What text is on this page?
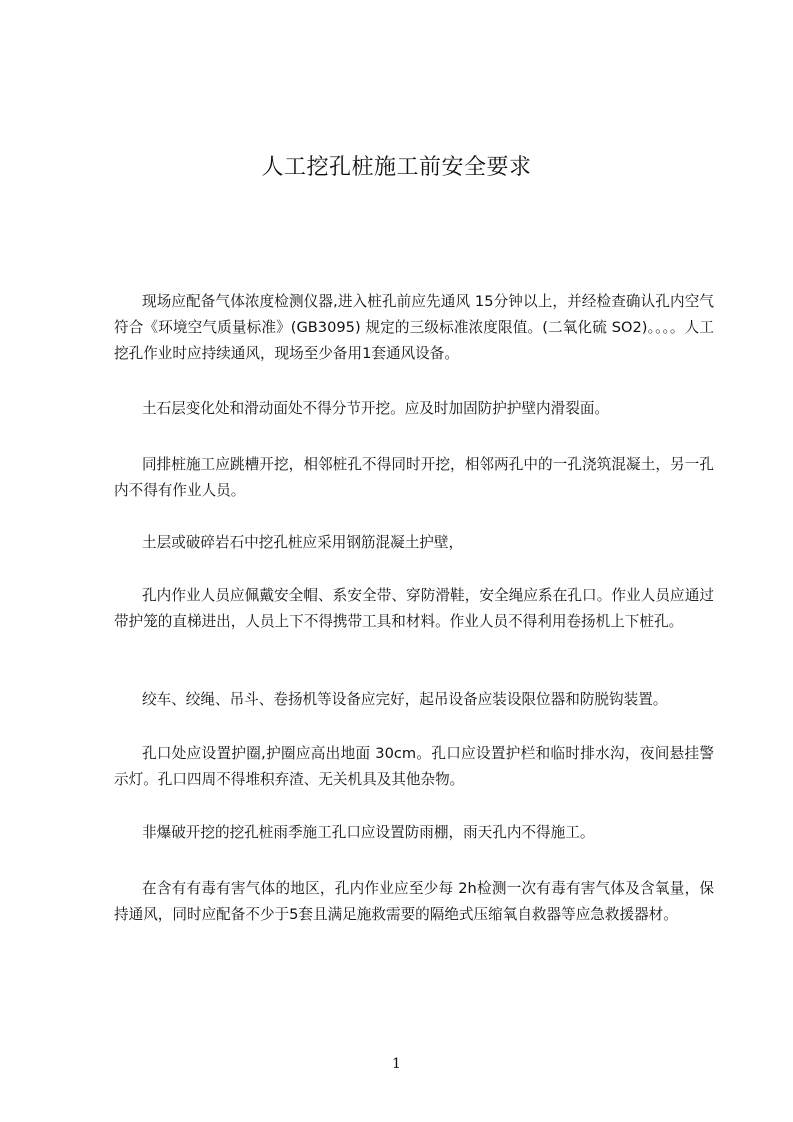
人工挖孔桩施工前安全要求

现场应配备气体浓度检测仪器,进入桩孔前应先通风 15分钟以上，并经检查确认孔内空气符合《环境空气质量标准》(GB3095) 规定的三级标准浓度限值。(二氧化硫 SO2)。。。。人工挖孔作业时应持续通风，现场至少备用1套通风设备。

土石层变化处和滑动面处不得分节开挖。应及时加固防护护壁内滑裂面。

同排桩施工应跳槽开挖，相邻桩孔不得同时开挖，相邻两孔中的一孔浇筑混凝土，另一孔内不得有作业人员。

土层或破碎岩石中挖孔桩应采用钢筋混凝土护壁，

孔内作业人员应佩戴安全帽、系安全带、穿防滑鞋，安全绳应系在孔口。作业人员应通过带护笼的直梯进出，人员上下不得携带工具和材料。作业人员不得利用卷扬机上下桩孔。

绞车、绞绳、吊斗、卷扬机等设备应完好，起吊设备应装设限位器和防脱钩装置。

孔口处应设置护圈,护圈应高出地面 30cm。孔口应设置护栏和临时排水沟，夜间悬挂警示灯。孔口四周不得堆积弃渣、无关机具及其他杂物。

非爆破开挖的挖孔桩雨季施工孔口应设置防雨棚，雨天孔内不得施工。

在含有有毒有害气体的地区，孔内作业应至少每 2h检测一次有毒有害气体及含氧量，保持通风，同时应配备不少于5套且满足施救需要的隔绝式压缩氧自救器等应急救援器材。

1
